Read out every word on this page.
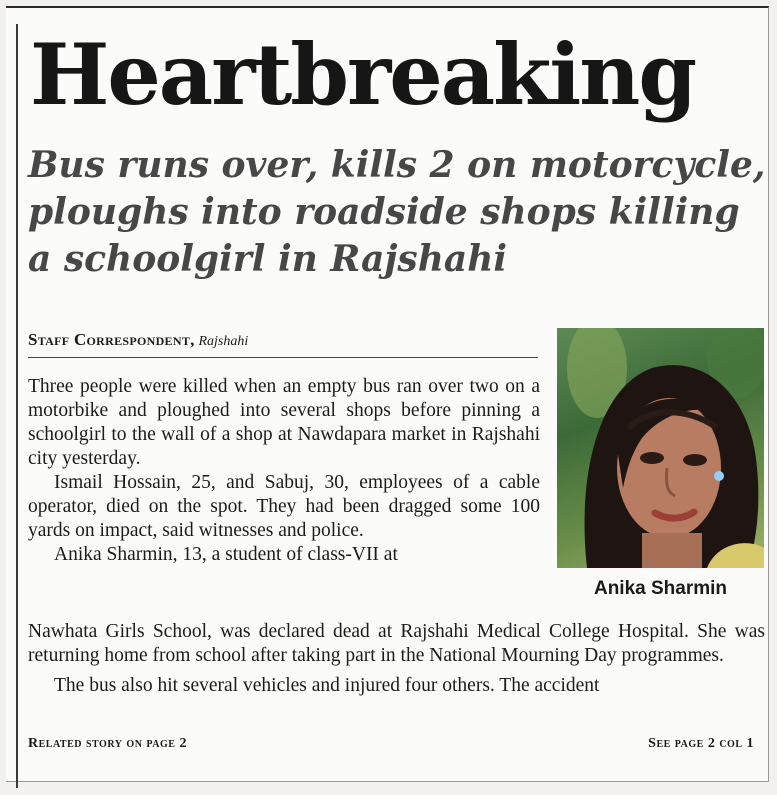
Heartbreaking
Bus runs over, kills 2 on motorcycle,
ploughs into roadside shops killing
a schoolgirl in Rajshahi
Staff Correspondent, Rajshahi
Anika Sharmin

Three people were killed when an empty bus ran over two on a motorbike and ploughed into several shops before pinning a schoolgirl to the wall of a shop at Nawdapara market in Rajshahi city yesterday.

Ismail Hossain, 25, and Sabuj, 30, employees of a cable operator, died on the spot. They had been dragged some 100 yards on impact, said witnesses and police.

Anika Sharmin, 13, a student of class-VII at

Nawhata Girls School, was declared dead at Rajshahi Medical College Hospital. She was returning home from school after taking part in the National Mourning Day programmes.

The bus also hit several vehicles and injured four others. The accident

Related story on page 2	See page 2 col 1
